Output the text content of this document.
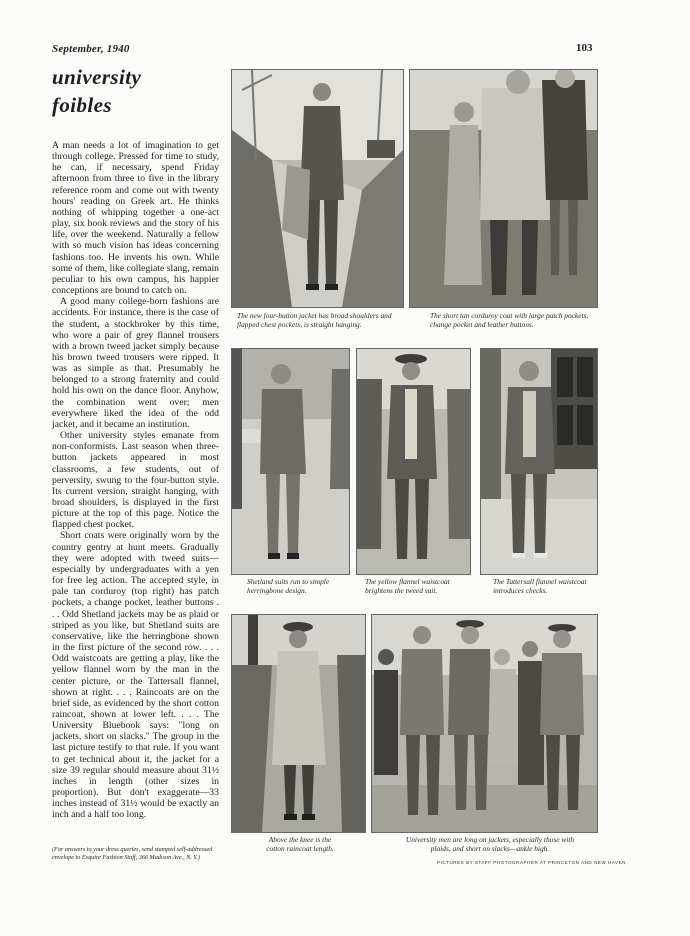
September, 1940	103
university
foibles

A man needs a lot of imagination to get through college. Pressed for time to study, he can, if necessary, spend Friday afternoon from three to five in the library reference room and come out with twenty hours' reading on Greek art. He thinks nothing of whipping together a one-act play, six book reviews and the story of his life, over the weekend. Naturally a fellow with so much vision has ideas concerning fashions too. He invents his own. While some of them, like collegiate slang, remain peculiar to his own campus, his happier conceptions are bound to catch on.

A good many college-born fashions are accidents. For instance, there is the case of the student, a stockbroker by this time, who wore a pair of grey flannel trousers with a brown tweed jacket simply because his brown tweed trousers were ripped. It was as simple as that. Presumably he belonged to a strong fraternity and could hold his own on the dance floor. Anyhow, the combination went over; men everywhere liked the idea of the odd jacket, and it became an institution.

Other university styles emanate from non-conformists. Last season when three-button jackets appeared in most classrooms, a few students, out of perversity, swung to the four-button style. Its current version, straight hanging, with broad shoulders, is displayed in the first picture at the top of this page. Notice the flapped chest pocket.

Short coats were originally worn by the country gentry at hunt meets. Gradually they were adopted with tweed suits—especially by undergraduates with a yen for free leg action. The accepted style, in pale tan corduroy (top right) has patch pockets, a change pocket, leather buttons . . . Odd Shetland jackets may be as plaid or striped as you like, but Shetland suits are conservative, like the herringbone shown in the first picture of the second row. . . . Odd waistcoats are getting a play, like the yellow flannel worn by the man in the center picture, or the Tattersall flannel, shown at right. . . . Raincoats are on the brief side, as evidenced by the short cotton raincoat, shown at lower left. . . . The University Bluebook says: "long on jackets, short on slacks." The group in the last picture testify to that rule. If you want to get technical about it, the jacket for a size 39 regular should measure about 31½ inches in length (other sizes in proportion). But don't exaggerate—33 inches instead of 31½ would be exactly an inch and a half too long.

(For answers to your dress queries, send stamped self-addressed envelope to Esquire Fashion Staff, 366 Madison Ave., N. Y.)
The new four-button jacket has broad shoulders and flapped chest pockets, is straight hanging.
The short tan corduroy coat with large patch pockets, change pocket and leather buttons.
Shetland suits run to simple herringbone design.
The yellow flannel waistcoat brightens the tweed suit.
The Tattersall flannel waistcoat introduces checks.
Above the knee is the cotton raincoat length.
University men are long on jackets, especially those with plaids, and short on slacks—ankle high.
PICTURES BY STAFF PHOTOGRAPHER AT PRINCETON AND NEW HAVEN
